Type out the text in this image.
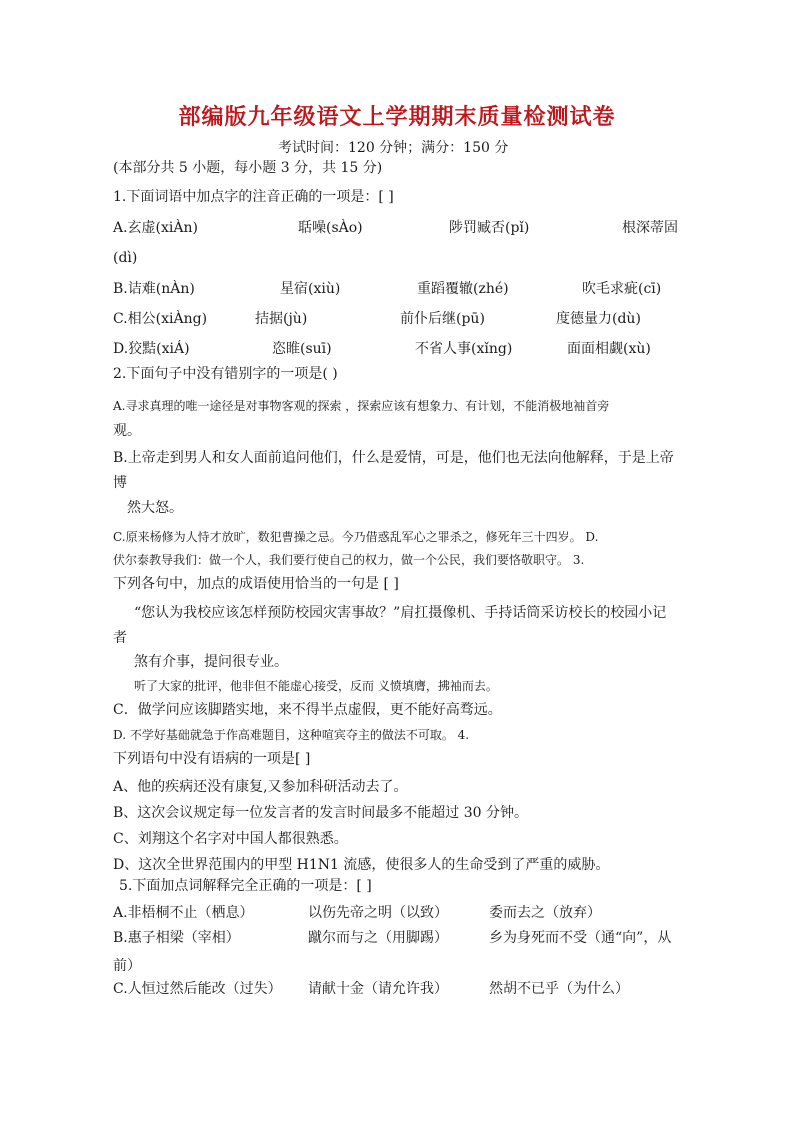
部编版九年级语文上学期期末质量检测试卷
考试时间：120 分钟；满分：150 分
(本部分共 5 小题，每小题 3 分，共 15 分)
1.下面词语中加点字的注音正确的一项是：[ ]
A.玄虚(xiÀn)	聒噪(sÀo)	陟罚臧否(pǐ)	根深蒂固
(dì)
B.诘难(nÀn)	星宿(xiù)	重蹈覆辙(zhé)	吹毛求疵(cī)
C.相公(xiÀng)	拮据(jù)	前仆后继(pū)	度德量力(dù)
D.狡黠(xiÁ)	恣睢(suī)	不省人事(xǐng)	面面相觑(xù)
2.下面句子中没有错别字的一项是( )
A.寻求真理的唯一途径是对事物客观的探索 ，探索应该有想象力、有计划，不能消极地袖首旁
观。
B.上帝走到男人和女人面前追问他们，什么是爱情，可是，他们也无法向他解释，于是上帝
博
然大怒。
C.原来杨修为人恃才放旷，数犯曹操之忌。今乃借惑乱军心之罪杀之，修死年三十四岁。 D.
伏尔泰教导我们：做一个人，我们要行使自己的权力，做一个公民，我们要恪敬职守。 3.
下列各句中，加点的成语使用恰当的一句是 [ ]
“您认为我校应该怎样预防校园灾害事故？”肩扛摄像机、手持话筒采访校长的校园小记
者
煞有介事，提问很专业。
听了大家的批评，他非但不能虚心接受，反而 义愤填膺，拂袖而去。
C．做学问应该脚踏实地，来不得半点虚假，更不能好高骛远。
D. 不学好基础就急于作高难题目，这种喧宾夺主的做法不可取。 4.
下列语句中没有语病的一项是[ ]
A、他的疾病还没有康复,又参加科研活动去了。
B、这次会议规定每一位发言者的发言时间最多不能超过 30 分钟。
C、刘翔这个名字对中国人都很熟悉。
D、这次全世界范围内的甲型 H1N1 流感，使很多人的生命受到了严重的威胁。
5.下面加点词解释完全正确的一项是：[ ]
A.非梧桐不止（栖息）	以伤先帝之明（以致）	委而去之（放弃）
B.惠子相梁（宰相）	蹴尔而与之（用脚踢）	乡为身死而不受（通“向”，从
前）
C.人恒过然后能改（过失） 请献十金（请允许我）	然胡不已乎（为什么）
